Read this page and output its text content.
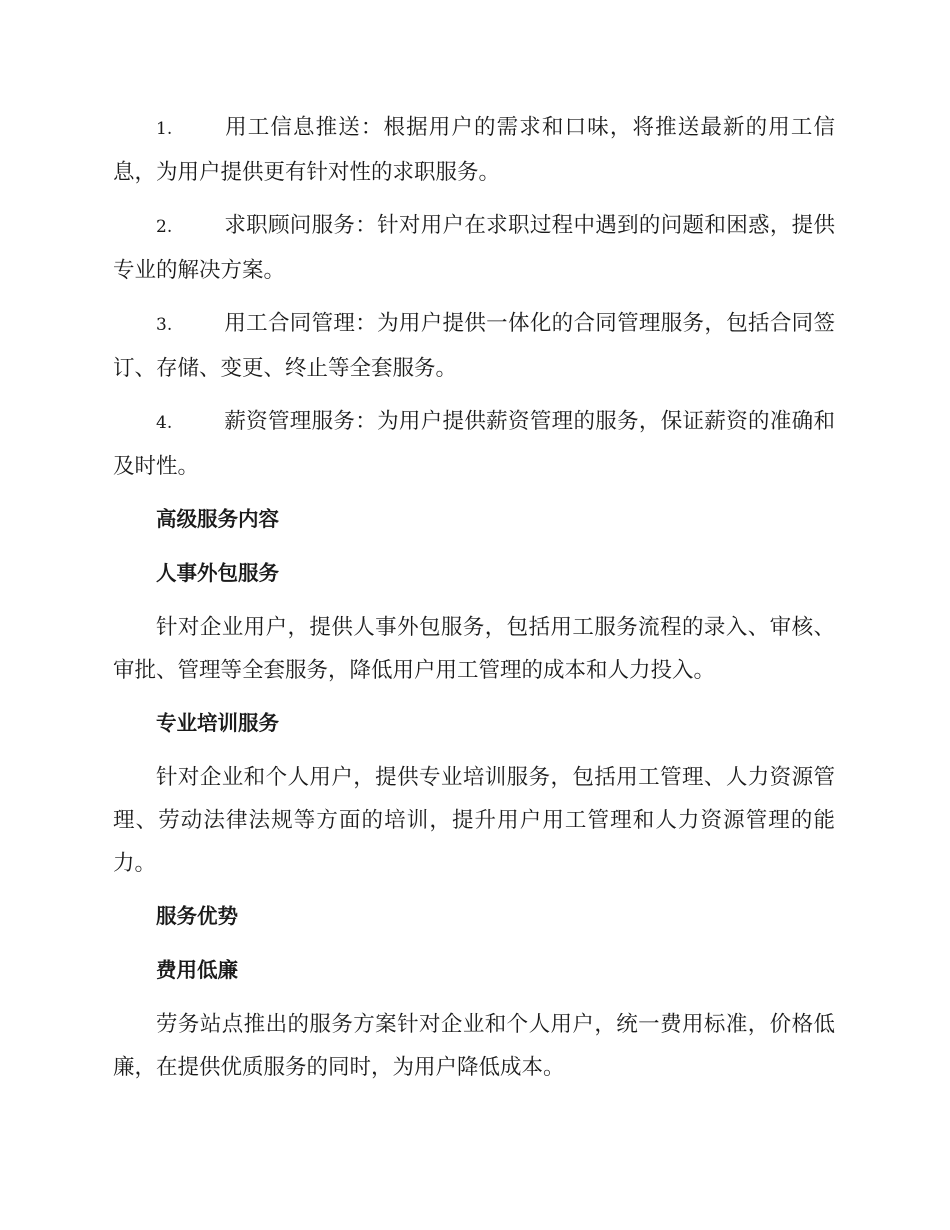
1. 用工信息推送：根据用户的需求和口味，将推送最新的用工信息，为用户提供更有针对性的求职服务。

2. 求职顾问服务：针对用户在求职过程中遇到的问题和困惑，提供专业的解决方案。

3. 用工合同管理：为用户提供一体化的合同管理服务，包括合同签订、存储、变更、终止等全套服务。

4. 薪资管理服务：为用户提供薪资管理的服务，保证薪资的准确和及时性。

高级服务内容
人事外包服务

针对企业用户，提供人事外包服务，包括用工服务流程的录入、审核、审批、管理等全套服务，降低用户用工管理的成本和人力投入。

专业培训服务

针对企业和个人用户，提供专业培训服务，包括用工管理、人力资源管理、劳动法律法规等方面的培训，提升用户用工管理和人力资源管理的能力。

服务优势
费用低廉

劳务站点推出的服务方案针对企业和个人用户，统一费用标准，价格低廉，在提供优质服务的同时，为用户降低成本。
